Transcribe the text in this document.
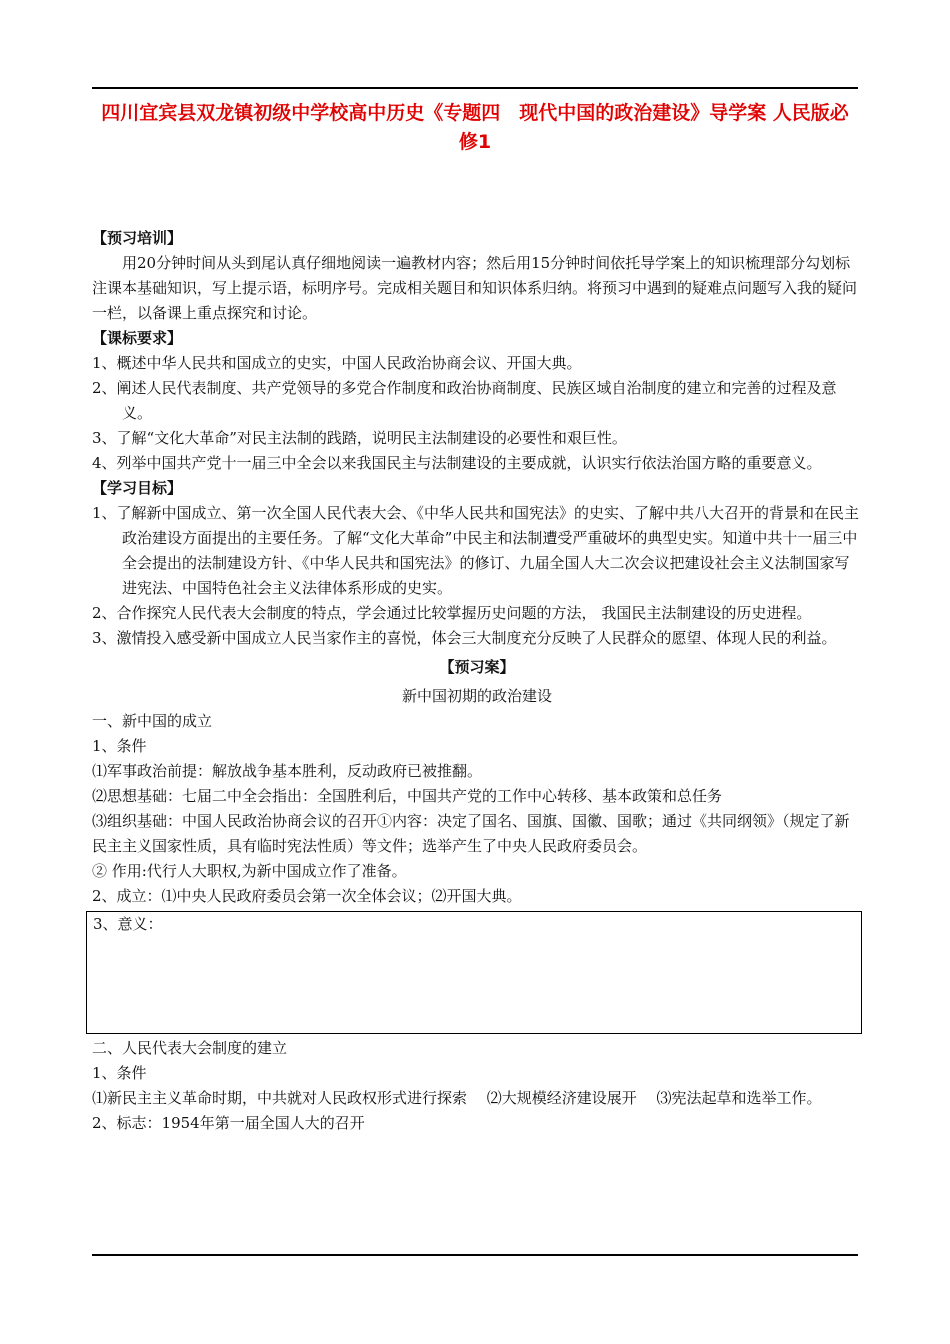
四川宜宾县双龙镇初级中学校高中历史《专题四　现代中国的政治建设》导学案 人民版必修1

【预习培训】

用20分钟时间从头到尾认真仔细地阅读一遍教材内容；然后用15分钟时间依托导学案上的知识梳理部分勾划标注课本基础知识，写上提示语，标明序号。完成相关题目和知识体系归纳。将预习中遇到的疑难点问题写入我的疑问一栏，以备课上重点探究和讨论。

【课标要求】

1、概述中华人民共和国成立的史实，中国人民政治协商会议、开国大典。

2、阐述人民代表制度、共产党领导的多党合作制度和政治协商制度、民族区域自治制度的建立和完善的过程及意义。

3、了解“文化大革命”对民主法制的践踏，说明民主法制建设的必要性和艰巨性。

4、列举中国共产党十一届三中全会以来我国民主与法制建设的主要成就，认识实行依法治国方略的重要意义。

【学习目标】

1、了解新中国成立、第一次全国人民代表大会、《中华人民共和国宪法》的史实、了解中共八大召开的背景和在民主政治建设方面提出的主要任务。了解“文化大革命”中民主和法制遭受严重破坏的典型史实。知道中共十一届三中全会提出的法制建设方针、《中华人民共和国宪法》的修订、九届全国人大二次会议把建设社会主义法制国家写进宪法、中国特色社会主义法律体系形成的史实。

2、合作探究人民代表大会制度的特点，学会通过比较掌握历史问题的方法， 我国民主法制建设的历史进程。

3、激情投入感受新中国成立人民当家作主的喜悦，体会三大制度充分反映了人民群众的愿望、体现人民的利益。

【预习案】

新中国初期的政治建设

一、新中国的成立

1、条件

⑴军事政治前提：解放战争基本胜利，反动政府已被推翻。

⑵思想基础：七届二中全会指出：全国胜利后，中国共产党的工作中心转移、基本政策和总任务

⑶组织基础：中国人民政治协商会议的召开①内容：决定了国名、国旗、国徽、国歌；通过《共同纲领》（规定了新民主主义国家性质，具有临时宪法性质）等文件；选举产生了中央人民政府委员会。

② 作用:代行人大职权,为新中国成立作了准备。

2、成立：⑴中央人民政府委员会第一次全体会议；⑵开国大典。

3、意义：

二、人民代表大会制度的建立

1、条件

⑴新民主主义革命时期，中共就对人民政权形式进行探索　 ⑵大规模经济建设展开　 ⑶宪法起草和选举工作。

2、标志：1954年第一届全国人大的召开
